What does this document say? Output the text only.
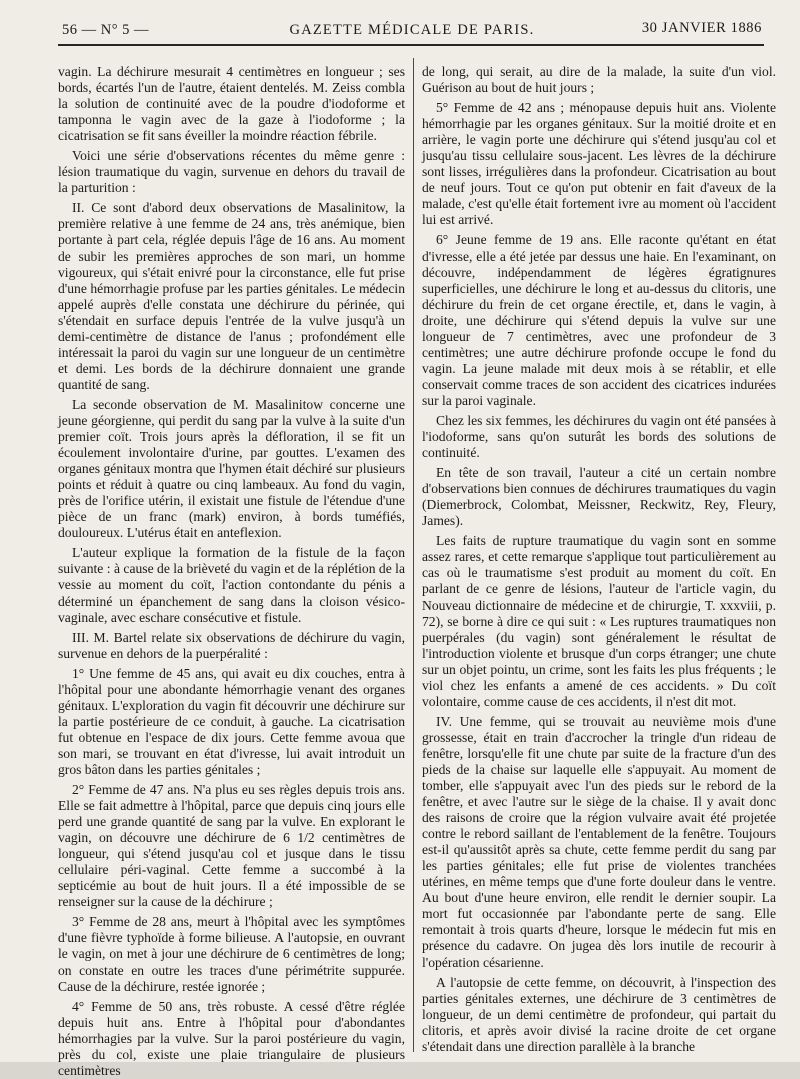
56 — N° 5 —	GAZETTE MÉDICALE DE PARIS.	30 JANVIER 1886

vagin. La déchirure mesurait 4 centimètres en longueur ; ses bords, écartés l'un de l'autre, étaient dentelés. M. Zeiss combla la solution de continuité avec de la poudre d'iodoforme et tamponna le vagin avec de la gaze à l'iodoforme ; la cicatrisation se fit sans éveiller la moindre réaction fébrile.

Voici une série d'observations récentes du même genre : lésion traumatique du vagin, survenue en dehors du travail de la parturition :

II. Ce sont d'abord deux observations de Masalinitow, la première relative à une femme de 24 ans, très anémique, bien portante à part cela, réglée depuis l'âge de 16 ans. Au moment de subir les premières approches de son mari, un homme vigoureux, qui s'était enivré pour la circonstance, elle fut prise d'une hémorrhagie profuse par les parties génitales. Le médecin appelé auprès d'elle constata une déchirure du périnée, qui s'étendait en surface depuis l'entrée de la vulve jusqu'à un demi-centimètre de distance de l'anus ; profondément elle intéressait la paroi du vagin sur une longueur de un centimètre et demi. Les bords de la déchirure donnaient une grande quantité de sang.

La seconde observation de M. Masalinitow concerne une jeune géorgienne, qui perdit du sang par la vulve à la suite d'un premier coït. Trois jours après la défloration, il se fit un écoulement involontaire d'urine, par gouttes. L'examen des organes génitaux montra que l'hymen était déchiré sur plusieurs points et réduit à quatre ou cinq lambeaux. Au fond du vagin, près de l'orifice utérin, il existait une fistule de l'étendue d'une pièce de un franc (mark) environ, à bords tuméfiés, douloureux. L'utérus était en anteflexion.

L'auteur explique la formation de la fistule de la façon suivante : à cause de la brièveté du vagin et de la réplétion de la vessie au moment du coït, l'action contondante du pénis a déterminé un épanchement de sang dans la cloison vésico-vaginale, avec eschare consécutive et fistule.

III. M. Bartel relate six observations de déchirure du vagin, survenue en dehors de la puerpéralité :

1° Une femme de 45 ans, qui avait eu dix couches, entra à l'hôpital pour une abondante hémorrhagie venant des organes génitaux. L'exploration du vagin fit découvrir une déchirure sur la partie postérieure de ce conduit, à gauche. La cicatrisation fut obtenue en l'espace de dix jours. Cette femme avoua que son mari, se trouvant en état d'ivresse, lui avait introduit un gros bâton dans les parties génitales ;

2° Femme de 47 ans. N'a plus eu ses règles depuis trois ans. Elle se fait admettre à l'hôpital, parce que depuis cinq jours elle perd une grande quantité de sang par la vulve. En explorant le vagin, on découvre une déchirure de 6 1/2 centimètres de longueur, qui s'étend jusqu'au col et jusque dans le tissu cellulaire péri-vaginal. Cette femme a succombé à la septicémie au bout de huit jours. Il a été impossible de se renseigner sur la cause de la déchirure ;

3° Femme de 28 ans, meurt à l'hôpital avec les symptômes d'une fièvre typhoïde à forme bilieuse. A l'autopsie, en ouvrant le vagin, on met à jour une déchirure de 6 centimètres de long; on constate en outre les traces d'une périmétrite suppurée. Cause de la déchirure, restée ignorée ;

4° Femme de 50 ans, très robuste. A cessé d'être réglée depuis huit ans. Entre à l'hôpital pour d'abondantes hémorrhagies par la vulve. Sur la paroi postérieure du vagin, près du col, existe une plaie triangulaire de plusieurs centimètres

de long, qui serait, au dire de la malade, la suite d'un viol. Guérison au bout de huit jours ;

5° Femme de 42 ans ; ménopause depuis huit ans. Violente hémorrhagie par les organes génitaux. Sur la moitié droite et en arrière, le vagin porte une déchirure qui s'étend jusqu'au col et jusqu'au tissu cellulaire sous-jacent. Les lèvres de la déchirure sont lisses, irrégulières dans la profondeur. Cicatrisation au bout de neuf jours. Tout ce qu'on put obtenir en fait d'aveux de la malade, c'est qu'elle était fortement ivre au moment où l'accident lui est arrivé.

6° Jeune femme de 19 ans. Elle raconte qu'étant en état d'ivresse, elle a été jetée par dessus une haie. En l'examinant, on découvre, indépendamment de légères égratignures superficielles, une déchirure le long et au-dessus du clitoris, une déchirure du frein de cet organe érectile, et, dans le vagin, à droite, une déchirure qui s'étend depuis la vulve sur une longueur de 7 centimètres, avec une profondeur de 3 centimètres; une autre déchirure profonde occupe le fond du vagin. La jeune malade mit deux mois à se rétablir, et elle conservait comme traces de son accident des cicatrices indurées sur la paroi vaginale.

Chez les six femmes, les déchirures du vagin ont été pansées à l'iodoforme, sans qu'on suturât les bords des solutions de continuité.

En tête de son travail, l'auteur a cité un certain nombre d'observations bien connues de déchirures traumatiques du vagin (Diemerbrock, Colombat, Meissner, Reckwitz, Rey, Fleury, James).

Les faits de rupture traumatique du vagin sont en somme assez rares, et cette remarque s'applique tout particulièrement au cas où le traumatisme s'est produit au moment du coït. En parlant de ce genre de lésions, l'auteur de l'article vagin, du Nouveau dictionnaire de médecine et de chirurgie, T. xxxviii, p. 72), se borne à dire ce qui suit : « Les ruptures traumatiques non puerpérales (du vagin) sont généralement le résultat de l'introduction violente et brusque d'un corps étranger; une chute sur un objet pointu, un crime, sont les faits les plus fréquents ; le viol chez les enfants a amené de ces accidents. » Du coït volontaire, comme cause de ces accidents, il n'est dit mot.

IV. Une femme, qui se trouvait au neuvième mois d'une grossesse, était en train d'accrocher la tringle d'un rideau de fenêtre, lorsqu'elle fit une chute par suite de la fracture d'un des pieds de la chaise sur laquelle elle s'appuyait. Au moment de tomber, elle s'appuyait avec l'un des pieds sur le rebord de la fenêtre, et avec l'autre sur le siège de la chaise. Il y avait donc des raisons de croire que la région vulvaire avait été projetée contre le rebord saillant de l'entablement de la fenêtre. Toujours est-il qu'aussitôt après sa chute, cette femme perdit du sang par les parties génitales; elle fut prise de violentes tranchées utérines, en même temps que d'une forte douleur dans le ventre. Au bout d'une heure environ, elle rendit le dernier soupir. La mort fut occasionnée par l'abondante perte de sang. Elle remontait à trois quarts d'heure, lorsque le médecin fut mis en présence du cadavre. On jugea dès lors inutile de recourir à l'opération césarienne.

A l'autopsie de cette femme, on découvrit, à l'inspection des parties génitales externes, une déchirure de 3 centimètres de longueur, de un demi centimètre de profondeur, qui partait du clitoris, et après avoir divisé la racine droite de cet organe s'étendait dans une direction parallèle à la branche
